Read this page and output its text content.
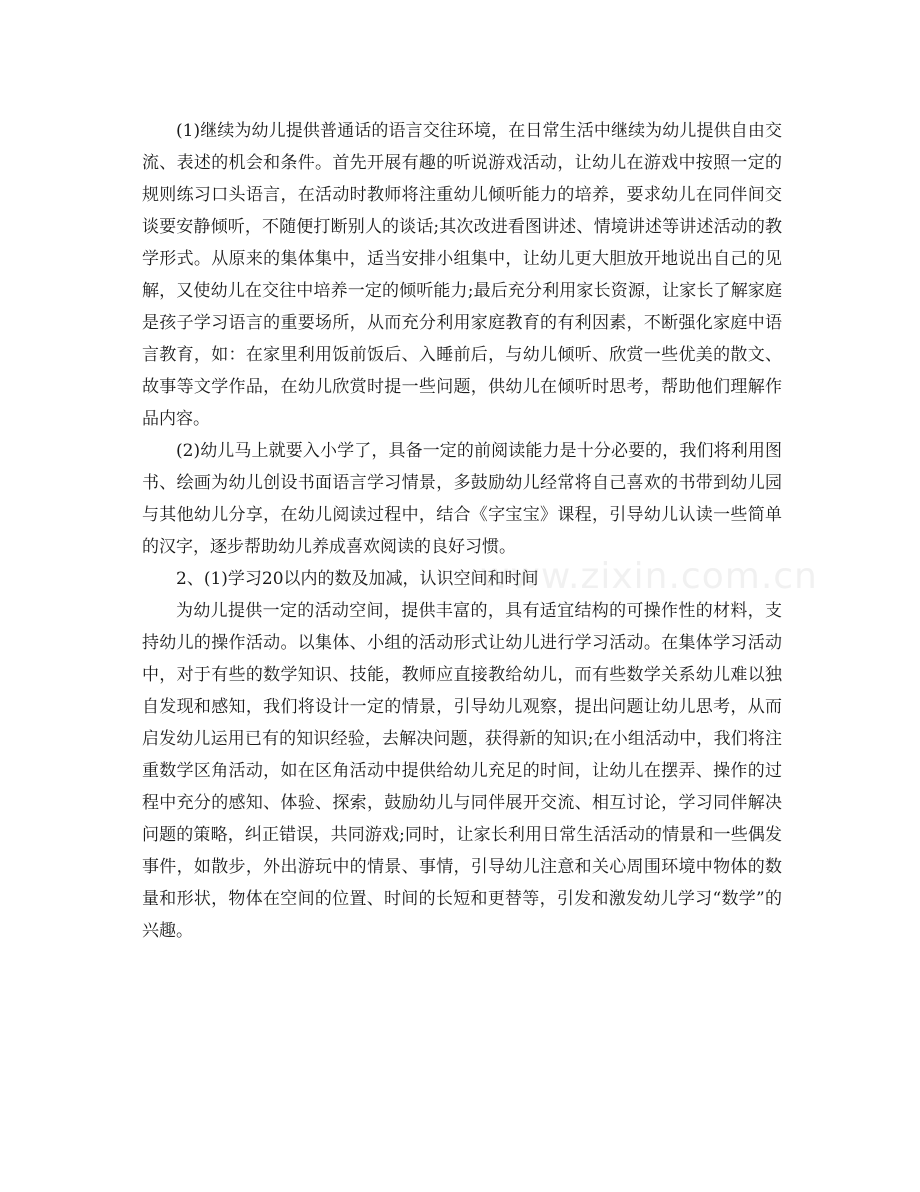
(1)继续为幼儿提供普通话的语言交往环境，在日常生活中继续为幼儿提供自由交流、表述的机会和条件。首先开展有趣的听说游戏活动，让幼儿在游戏中按照一定的规则练习口头语言，在活动时教师将注重幼儿倾听能力的培养，要求幼儿在同伴间交谈要安静倾听，不随便打断别人的谈话;其次改进看图讲述、情境讲述等讲述活动的教学形式。从原来的集体集中，适当安排小组集中，让幼儿更大胆放开地说出自己的见解，又使幼儿在交往中培养一定的倾听能力;最后充分利用家长资源，让家长了解家庭是孩子学习语言的重要场所，从而充分利用家庭教育的有利因素，不断强化家庭中语言教育，如：在家里利用饭前饭后、入睡前后，与幼儿倾听、欣赏一些优美的散文、故事等文学作品，在幼儿欣赏时提一些问题，供幼儿在倾听时思考，帮助他们理解作品内容。

(2)幼儿马上就要入小学了，具备一定的前阅读能力是十分必要的，我们将利用图书、绘画为幼儿创设书面语言学习情景，多鼓励幼儿经常将自己喜欢的书带到幼儿园与其他幼儿分享，在幼儿阅读过程中，结合《字宝宝》课程，引导幼儿认读一些简单的汉字，逐步帮助幼儿养成喜欢阅读的良好习惯。

2、(1)学习20以内的数及加减，认识空间和时间

为幼儿提供一定的活动空间，提供丰富的，具有适宜结构的可操作性的材料，支持幼儿的操作活动。以集体、小组的活动形式让幼儿进行学习活动。在集体学习活动中，对于有些的数学知识、技能，教师应直接教给幼儿，而有些数学关系幼儿难以独自发现和感知，我们将设计一定的情景，引导幼儿观察，提出问题让幼儿思考，从而启发幼儿运用已有的知识经验，去解决问题，获得新的知识;在小组活动中，我们将注重数学区角活动，如在区角活动中提供给幼儿充足的时间，让幼儿在摆弄、操作的过程中充分的感知、体验、探索，鼓励幼儿与同伴展开交流、相互讨论，学习同伴解决问题的策略，纠正错误，共同游戏;同时，让家长利用日常生活活动的情景和一些偶发事件，如散步，外出游玩中的情景、事情，引导幼儿注意和关心周围环境中物体的数量和形状，物体在空间的位置、时间的长短和更替等，引发和激发幼儿学习“数学”的兴趣。

www.zixin.com.cn
